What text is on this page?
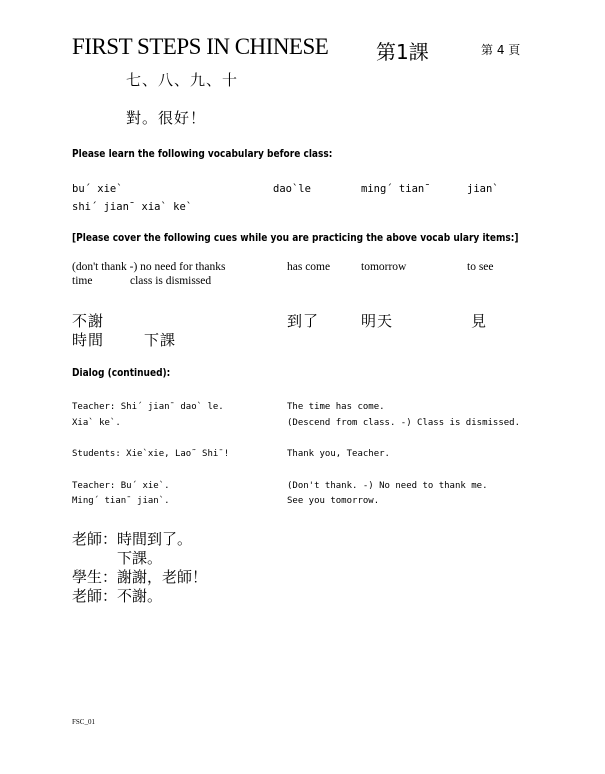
FIRST STEPS IN CHINESE 第1課	第 4 頁
七、八、九、十
對。很好！
Please learn the following vocabulary before class:
bu´ xie`	dao`le	ming´ tian¯	jian`
shi´ jian¯ xia` ke`
[Please cover the following cues while you are practicing the above vocab ulary items:]
(don't thank -) no need for thanks	has come	tomorrow	to see
time	class is dismissed
不謝	到了	明天	見
時間	下課
Dialog (continued):
Teacher: Shi´ jian¯ dao` le.	The time has come.
Xia` ke`.	(Descend from class. -) Class is dismissed.
Students: Xie`xie, Lao˜ Shi¯!	Thank you, Teacher.
Teacher: Bu´ xie`.	(Don't thank. -) No need to thank me.
Ming´ tian¯ jian`.	See you tomorrow.
老師：時間到了。
　　　下課。
學生：謝謝，老師！
老師：不謝。
FSC_01
